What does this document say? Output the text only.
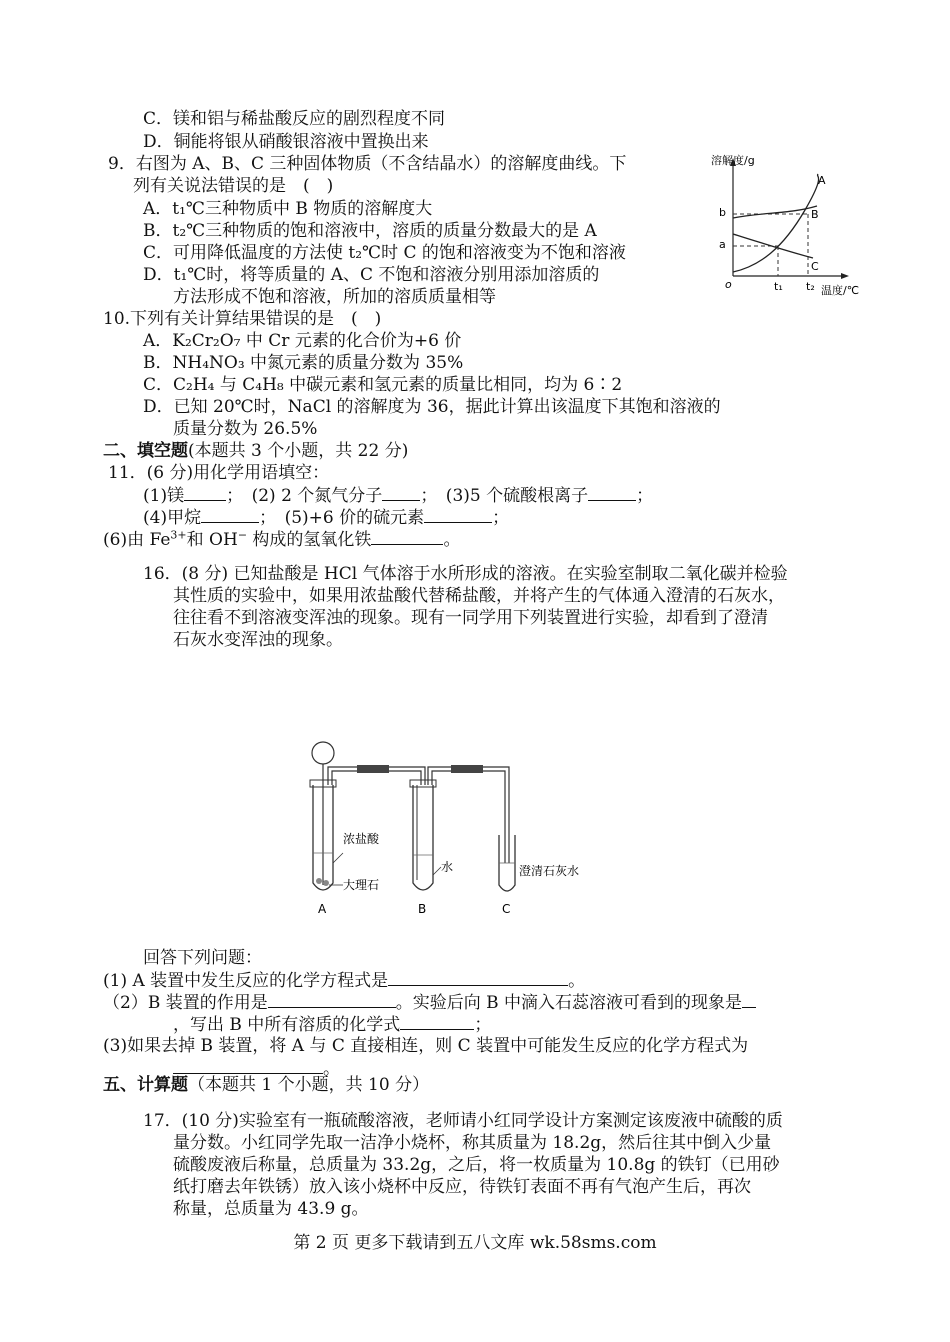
C．镁和铝与稀盐酸反应的剧烈程度不同
D．铜能将银从硝酸银溶液中置换出来
9．右图为 A、B、C 三种固体物质（不含结晶水）的溶解度曲线。下
列有关说法错误的是　(　)
A．t₁℃三种物质中 B 物质的溶解度大
B．t₂℃三种物质的饱和溶液中，溶质的质量分数最大的是 A
C．可用降低温度的方法使 t₂℃时 C 的饱和溶液变为不饱和溶液
D．t₁℃时，将等质量的 A、C 不饱和溶液分别用添加溶质的
方法形成不饱和溶液，所加的溶质质量相等
溶解度/g
温度/℃
o
b
a
t₁ t₂
A
B
C
10.下列有关计算结果错误的是　(　)
A．K₂Cr₂O₇ 中 Cr 元素的化合价为+6 价
B．NH₄NO₃ 中氮元素的质量分数为 35%
C．C₂H₄ 与 C₄H₈ 中碳元素和氢元素的质量比相同，均为 6∶2
D．已知 20℃时，NaCl 的溶解度为 36，据此计算出该温度下其饱和溶液的
质量分数为 26.5%
二、填空题(本题共 3 个小题，共 22 分)
11．(6 分)用化学用语填空：
(1)镁 ；　(2) 2 个氮气分子 ；　(3)5 个硫酸根离子	；
(4)甲烷	；　(5)+6 价的硫元素	；
(6)由 $Fe^{3+}$和 OH− 构成的氢氧化铁	。
16．(8 分) 已知盐酸是 HCl 气体溶于水所形成的溶液。在实验室制取二氧化碳并检验
其性质的实验中，如果用浓盐酸代替稀盐酸，并将产生的气体通入澄清的石灰水，
往往看不到溶液变浑浊的现象。现有一同学用下列装置进行实验，却看到了澄清
石灰水变浑浊的现象。
浓盐酸
大理石
水	澄清石灰水
A	B	C
回答下列问题：
(1) A 装置中发生反应的化学方程式是	。
（2）B 装置的作用是	。实验后向 B 中滴入石蕊溶液可看到的现象是
，写出 B 中所有溶质的化学式	；
(3)如果去掉 B 装置，将 A 与 C 直接相连，则 C 装置中可能发生反应的化学方程式为
。
五、计算题（本题共 1 个小题，共 10 分）
17．(10 分)实验室有一瓶硫酸溶液，老师请小红同学设计方案测定该废液中硫酸的质
量分数。小红同学先取一洁净小烧杯，称其质量为 18.2g，然后往其中倒入少量
硫酸废液后称量，总质量为 33.2g，之后，将一枚质量为 10.8g 的铁钉（已用砂
纸打磨去年铁锈）放入该小烧杯中反应，待铁钉表面不再有气泡产生后，再次
称量，总质量为 43.9 g。
第 2 页 更多下载请到五八文库 wk.58sms.com
